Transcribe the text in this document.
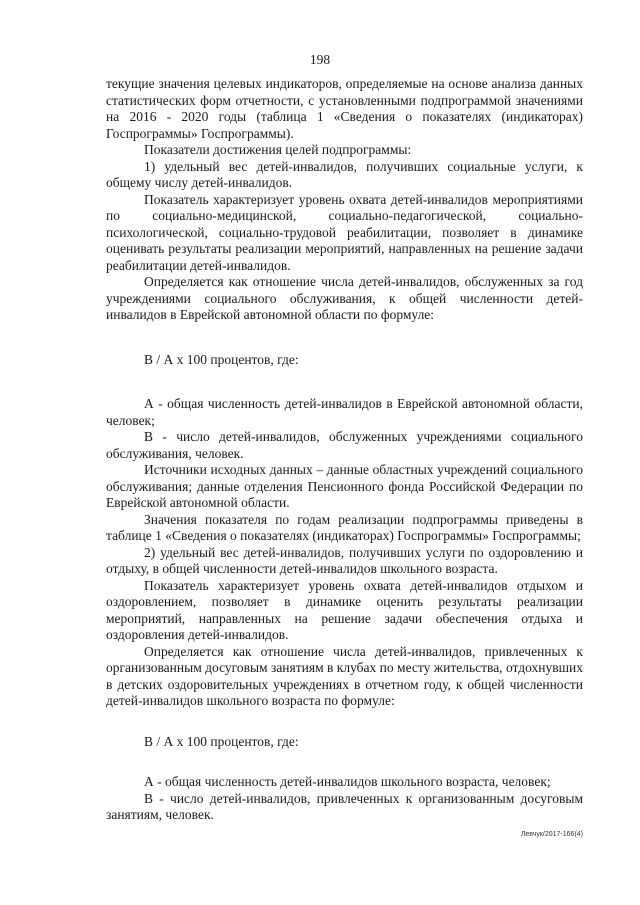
198

текущие значения целевых индикаторов, определяемые на основе анализа данных статистических форм отчетности, с установленными подпрограммой значениями на 2016 - 2020 годы (таблица 1 «Сведения о показателях (индикаторах) Госпрограммы» Госпрограммы).

Показатели достижения целей подпрограммы:

1) удельный вес детей-инвалидов, получивших социальные услуги, к общему числу детей-инвалидов.

Показатель характеризует уровень охвата детей-инвалидов мероприятиями по социально-медицинской, социально-педагогической, социально-психологической, социально-трудовой реабилитации, позволяет в динамике оценивать результаты реализации мероприятий, направленных на решение задачи реабилитации детей-инвалидов.

Определяется как отношение числа детей-инвалидов, обслуженных за год учреждениями социального обслуживания, к общей численности детей-инвалидов в Еврейской автономной области по формуле:

В / А х 100 процентов, где:

А - общая численность детей-инвалидов в Еврейской автономной области, человек;

В - число детей-инвалидов, обслуженных учреждениями социального обслуживания, человек.

Источники исходных данных – данные областных учреждений социального обслуживания; данные отделения Пенсионного фонда Российской Федерации по Еврейской автономной области.

Значения показателя по годам реализации подпрограммы приведены в таблице 1 «Сведения о показателях (индикаторах) Госпрограммы» Госпрограммы;

2) удельный вес детей-инвалидов, получивших услуги по оздоровлению и отдыху, в общей численности детей-инвалидов школьного возраста.

Показатель характеризует уровень охвата детей-инвалидов отдыхом и оздоровлением, позволяет в динамике оценить результаты реализации мероприятий, направленных на решение задачи обеспечения отдыха и оздоровления детей-инвалидов.

Определяется как отношение числа детей-инвалидов, привлеченных к организованным досуговым занятиям в клубах по месту жительства, отдохнувших в детских оздоровительных учреждениях в отчетном году, к общей численности детей-инвалидов школьного возраста по формуле:

В / А х 100 процентов, где:

А - общая численность детей-инвалидов школьного возраста, человек;

В - число детей-инвалидов, привлеченных к организованным досуговым занятиям, человек.

Левчук/2017-166(4)
